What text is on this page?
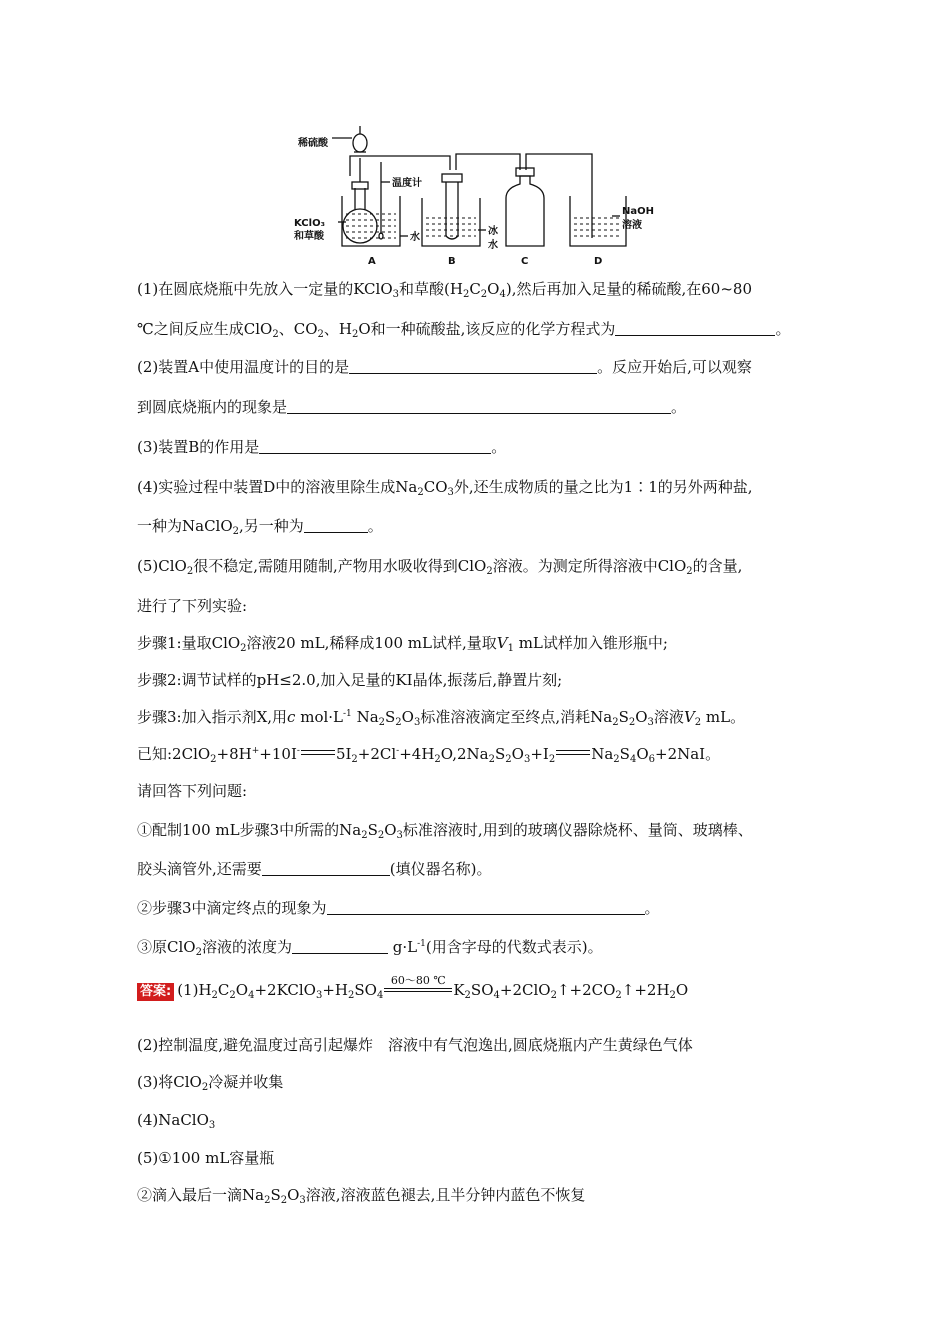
稀硫酸
温度计
KClO₃
和草酸	水
冰
水
NaOH
溶液
A	B	C	D
(1)在圆底烧瓶中先放入一定量的KClO$_3$和草酸$(H_2C_2O_4)$,然后再加入足量的稀硫酸,在60~80
℃之间反应生成ClO$_2$、$CO_2$、$H_2O$和一种硫酸盐,该反应的化学方程式为	。
(2)装置A中使用温度计的目的是	。反应开始后,可以观察
到圆底烧瓶内的现象是	。
(3)装置B的作用是	。
(4)实验过程中装置D中的溶液里除生成$Na_2CO_3$外,还生成物质的量之比为1∶1的另外两种盐,
一种为NaClO$_2$,另一种为	。
(5)ClO$_2$很不稳定,需随用随制,产物用水吸收得到ClO$_2$溶液。为测定所得溶液中ClO$_2$的含量,
进行了下列实验:
步骤1:量取ClO$_2$溶液20 mL,稀释成100 mL试样,量取$V_1$ mL试样加入锥形瓶中;
步骤2:调节试样的pH≤2.0,加入足量的KI晶体,振荡后,静置片刻;
步骤3:加入指示剂X,用c $mol\cdot L^{-1}$ $Na_2S_2O_3$标准溶液滴定至终点,消耗$Na_2S_2O_3$溶液$V_2$ mL。
已知:2ClO$_2$+8H++10I- $5I_2+2Cl^-+4H_2O,2Na_2S_2O_3+I_2$ $Na_2S_4O_6+2NaI$。
请回答下列问题:
①配制100 mL步骤3中所需的$Na_2S_2O_3$标准溶液时,用到的玻璃仪器除烧杯、量筒、玻璃棒、
胶头滴管外,还需要	(填仪器名称)。
②步骤3中滴定终点的现象为	。
③原ClO$_2$溶液的浓度为	$g\cdot L^{-1}$(用含字母的代数式表示)。
答案: $(1)H_2C_2O_4+2KClO_3+H_2SO_4$
60～80 ℃
$K_2SO_4+2ClO_2↑+2CO_2↑+2H_2O$
(2)控制温度,避免温度过高引起爆炸　溶液中有气泡逸出,圆底烧瓶内产生黄绿色气体
(3)将ClO$_2$冷凝并收集
(4)NaClO$_3$
(5)①100 mL容量瓶
②滴入最后一滴$Na_2S_2O_3$溶液,溶液蓝色褪去,且半分钟内蓝色不恢复
